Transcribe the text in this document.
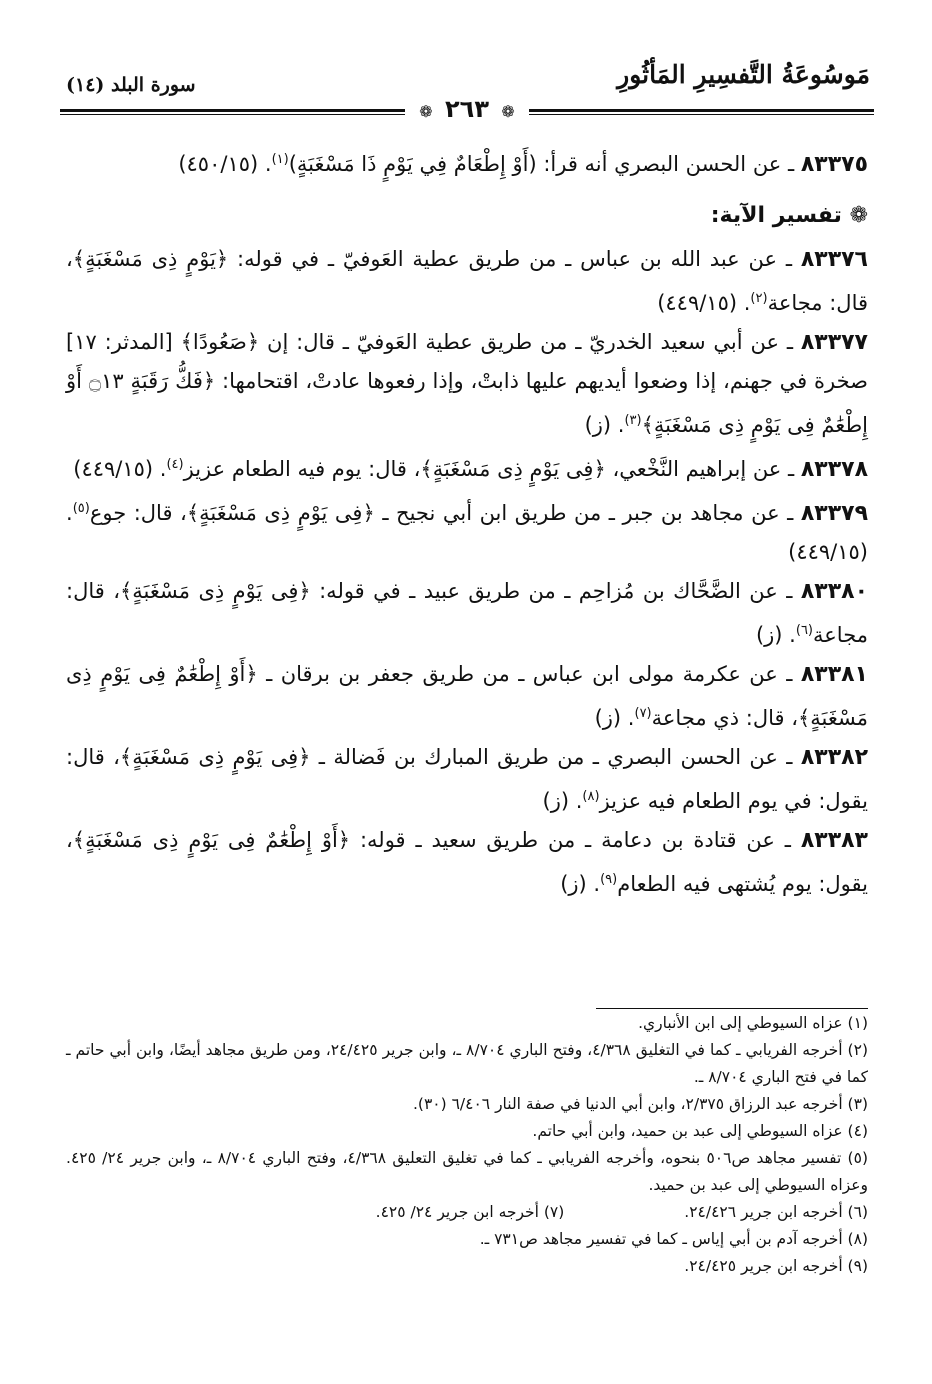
مَوسُوعَةُ التَّفسِيرِ المَأثُورِ
سورة البلد (١٤)
❁ ٢٦٣ ❁

٨٣٣٧٥ ـ عن الحسن البصري أنه قرأ: (أَوْ إِطْعَامٌ فِي يَوْمٍ ذَا مَسْغَبَةٍ)$^{(١)}$. (٤٥٠/١٥)

❁ تفسير الآية:

٨٣٣٧٦ ـ عن عبد الله بن عباس ـ من طريق عطية العَوفيّ ـ في قوله: ﴿يَوْمٍ ذِى مَسْغَبَةٍ﴾، قال: مجاعة$^{(٢)}$. (٤٤٩/١٥)

٨٣٣٧٧ ـ عن أبي سعيد الخدريّ ـ من طريق عطية العَوفيّ ـ قال: إن ﴿صَعُودًا﴾ [المدثر: ١٧] صخرة في جهنم، إذا وضعوا أيديهم عليها ذابتْ، وإذا رفعوها عادتْ، اقتحامها: ﴿فَكُّ رَقَبَةٍ ۝١٣ أَوْ إِطْعَٰمٌ فِى يَوْمٍ ذِى مَسْغَبَةٍ﴾$^{(٣)}$. (ز)

٨٣٣٧٨ ـ عن إبراهيم النَّخْعي، ﴿فِى يَوْمٍ ذِى مَسْغَبَةٍ﴾، قال: يوم فيه الطعام عزيز$^{(٤)}$. (٤٤٩/١٥)

٨٣٣٧٩ ـ عن مجاهد بن جبر ـ من طريق ابن أبي نجيح ـ ﴿فِى يَوْمٍ ذِى مَسْغَبَةٍ﴾، قال: جوع$^{(٥)}$. (٤٤٩/١٥)

٨٣٣٨٠ ـ عن الضَّحَّاك بن مُزاحِم ـ من طريق عبيد ـ في قوله: ﴿فِى يَوْمٍ ذِى مَسْغَبَةٍ﴾، قال: مجاعة$^{(٦)}$. (ز)

٨٣٣٨١ ـ عن عكرمة مولى ابن عباس ـ من طريق جعفر بن برقان ـ ﴿أَوْ إِطْعَٰمٌ فِى يَوْمٍ ذِى مَسْغَبَةٍ﴾، قال: ذي مجاعة$^{(٧)}$. (ز)

٨٣٣٨٢ ـ عن الحسن البصري ـ من طريق المبارك بن فَضالة ـ ﴿فِى يَوْمٍ ذِى مَسْغَبَةٍ﴾، قال: يقول: في يوم الطعام فيه عزيز$^{(٨)}$. (ز)

٨٣٣٨٣ ـ عن قتادة بن دعامة ـ من طريق سعيد ـ قوله: ﴿أَوْ إِطْعَٰمٌ فِى يَوْمٍ ذِى مَسْغَبَةٍ﴾، يقول: يوم يُشتهى فيه الطعام$^{(٩)}$. (ز)

(١) عزاه السيوطي إلى ابن الأنباري.

(٢) أخرجه الفريابي ـ كما في التغليق ٤/٣٦٨، وفتح الباري ٨/٧٠٤ ـ، وابن جرير ٢٤/٤٢٥، ومن طريق مجاهد أيضًا، وابن أبي حاتم ـ كما في فتح الباري ٨/٧٠٤ ـ.

(٣) أخرجه عبد الرزاق ٢/٣٧٥، وابن أبي الدنيا في صفة النار ٦/٤٠٦ (٣٠).

(٤) عزاه السيوطي إلى عبد بن حميد، وابن أبي حاتم.

(٥) تفسير مجاهد ص٥٠٦ بنحوه، وأخرجه الفريابي ـ كما في تغليق التعليق ٤/٣٦٨، وفتح الباري ٨/٧٠٤ ـ، وابن جرير ٢٤/ ٤٢٥. وعزاه السيوطي إلى عبد بن حميد.

(٦) أخرجه ابن جرير ٢٤/٤٢٦.
(٧) أخرجه ابن جرير ٢٤/ ٤٢٥.

(٨) أخرجه آدم بن أبي إياس ـ كما في تفسير مجاهد ص٧٣١ ـ.

(٩) أخرجه ابن جرير ٢٤/٤٢٥.
